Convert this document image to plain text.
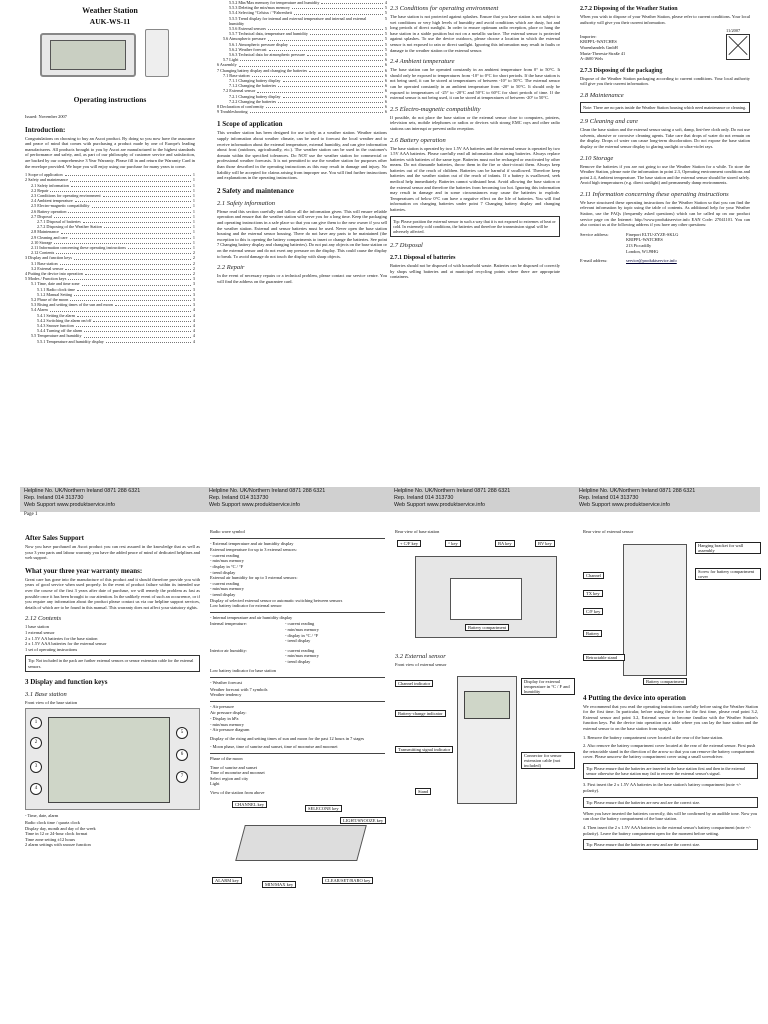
Weather Station
AUK-WS-11
Operating instructions
Issued: November 2007
Introduction:
Congratulations on choosing to buy an Ascot product. By doing so you now have the assurance and peace of mind that comes with purchasing a product made by one of Europe's leading manufacturers. All products brought to you by Ascot are manufactured to the highest standards of performance and safety, and, as part of our philosophy of customer service and satisfaction, are backed by our comprehensive 3 Year Warranty. Please fill in and return the Warranty Card in the envelope provided. We hope you will enjoy using our purchase for many years to come.
1 Scope of application	1
2 Safety and maintenance	1
2.1 Safety information	1
2.2 Repair	1
2.3 Conditions for operating environment	1
2.4 Ambient temperature	1
2.5 Electro-magnetic compatibility	1
2.6 Battery operation	1
2.7 Disposal	1
2.7.1 Disposal of batteries	1
2.7.2 Disposing of the Weather Station	1
2.8 Maintenance	1
2.9 Cleaning and care	1
2.10 Storage	1
2.11 Information concerning these operating instructions	1
2.12 Contents	2
3 Display and function keys	2
3.1 Base station	2
3.2 External sensor	2
4 Putting the device into operation	2
5 Modes / Function keys	3
5.1 Time, date and time zone	3
5.1.1 Radio clock time	3
5.1.2 Manual Setting	3
5.2 Phase of the moon	3
5.3 Rising and setting times of the sun and moon	3
5.4 Alarm	4
5.4.1 Setting the alarm	4
5.4.2 Switching the alarm on/off	4
5.4.3 Snooze function	4
5.4.4 Turning off the alarm	4
5.5 Temperature and humidity	4
5.5.1 Temperature and humidity display	4
5.5.2 Min/Max memory for temperature and humidity	4
5.5.3 Deleting the min/max memory	5
5.5.4 Selecting °Celsius / °Fahrenheit	5
5.5.5 Trend display for internal and external temperature and internal and external humidity
5
5.5.6 External sensors	5
5.5.7 Technical data, temperature and humidity	5
5.6 Atmospheric pressure	5
5.6.1 Atmospheric pressure display	5
5.6.2 Weather forecast	5
5.6.3 Technical data for atmospheric pressure	5
5.7 Light	6
6 Assembly	6
7 Changing battery display and changing the batteries	6
7.1 Base station	6
7.1.1 Changing battery display	6
7.1.2 Changing the batteries	6
7.2 External sensor	6
7.2.1 Changing battery display	6
7.2.2 Changing the batteries	6
8 Declaration of conformity	6
9 Troubleshooting	6
1 Scope of application
This weather station has been designed for use solely as a weather station. Weather stations supply information about weather climate, can be used to forecast the local weather and to receive information about the external temperature, external humidity, and can give information about frost (outdoors, agriculturally, etc.). The weather station can be used in the customer's domain within the specified tolerances. Do NOT use the weather station for commercial or professional weather forecasts. It is not permitted to use the weather station for purposes other than those described in the operating instructions as this may result in damage and injury. No liability will be accepted for claims arising from improper use. You will find further instructions and explanations in the operating instructions.
2 Safety and maintenance
2.1 Safety information
Please read this section carefully and follow all the information given. This will ensure reliable operation and ensure that the weather station will serve you for a long time. Keep the packaging and operating instructions in a safe place so that you can give them to the new owner if you sell the weather station. External and sensor batteries must be used. Never open the base station housing and the external sensor housing. There do not have any parts to be maintained (the exception to this is opening the battery compartments to insert or change the batteries. See point 7 Changing battery display and changing batteries). Do not put any objects on the base station or on the external sensor and do not exert any pressure on the display. This could cause the display to break. To avoid damage do not touch the display with sharp objects.
2.2 Repair
In the event of necessary repairs or a technical problem, please contact our service centre. You will find the address on the guarantee card.
2.3 Conditions for operating environment
The base station is not protected against splashes. Ensure that you have station is not subject to wet conditions or very high levels of humidity and avoid conditions which are dusty, hot and long periods of direct sunlight. In order to ensure optimum radio reception, place or hang the base station in a stable position but not on a metallic surface. The external sensor is protected against splashes. To use the device outdoors, please choose a location in which the external sensor is not exposed to rain or direct sunlight. Ignoring this information may result in faults or damage to the weather station or the external sensor.
2.4 Ambient temperature
The base station can be operated constantly in an ambient temperature from 0° to 50°C. It should only be exposed to temperatures from -10° to 0°C for short periods. If the base station is not being used, it can be stored at temperatures of between -10° to 50°C. The external sensor can be operated constantly in an ambient temperature from -20° to 50°C. It should only be exposed to temperatures of -25° to -20°C and 50°C to 60°C for short periods of time. If the external sensor is not being used, it can be stored at temperatures of between -20° to 50°C.
2.5 Electro-magnetic compatibility
If possible, do not place the base station or the external sensor close to computers, printers, television sets, mobile telephones or radios or devices with strong EMC rays and other radio stations can interrupt or prevent radio reception.
2.6 Battery operation
The base station is operated by two 1.5V AA batteries and the external sensor is operated by two 1.5V AAA batteries. Please carefully read all information about using batteries. Always replace batteries with batteries of the same type. Batteries must not be recharged or reactivated by other means. Do not dismantle batteries, throw them in the fire or short-circuit them. Always keep batteries out of the reach of children. Batteries can be harmful if swallowed. Therefore keep batteries and the weather station out of the reach of infants. If a battery is swallowed, seek medical help immediately. Batteries cannot withstand heat. Avoid allowing the base station or the external sensor and therefore the batteries from becoming too hot. Ignoring this information may result in damage and in some circumstances may cause the batteries to explode. Temperatures of below 0°C can have a negative effect on the life of batteries. You will find information on changing batteries under point 7 Changing battery display and changing batteries.
Tip: Please position the external sensor in such a way that it is not exposed to extremes of heat or cold. In extremely cold conditions, the batteries and therefore the transmission signal will be adversely affected.
2.7 Disposal
2.7.1 Disposal of batteries
Batteries should not be disposed of with household waste. Batteries can be disposed of correctly by shops selling batteries and at municipal recycling points where there are appropriate containers.
2.7.2 Disposing of the Weather Station
When you wish to dispose of your Weather Station, please refer to current conditions. Your local authority will give you their current information.

Importer:
KRIPPL-WATCHES
Warenhandels GmbH
Maria-Theresia-Straße 41
A-4600 Wels

11/2007
2.7.3 Disposing of the packaging
Dispose of the Weather Station packaging according to current conditions. Your local authority will give you their current information.
2.8 Maintenance
Note: There are no parts inside the Weather Station housing which need maintenance or cleaning.
2.9 Cleaning and care
Clean the base station and the external sensor using a soft, damp, lint-free cloth only. Do not use solvents, abrasive or corrosive cleaning agents. Take care that drops of water do not remain on the display. Drops of water can cause long-term discoloration. Do not expose the base station display or the external sensor display to glaring sunlight or ultra-violet rays.
2.10 Storage
Remove the batteries if you are not going to use the Weather Station for a while. To store the Weather Station, please note the information in point 2.3, Operating environment conditions and point 2.4, Ambient temperature. The base station and the external sensor should be stored safely. Avoid high temperatures (e.g. direct sunlight) and permanently damp environments.
2.11 Information concerning these operating instructions
We have structured these operating instructions for the Weather Station so that you can find the relevant information by topic using the table of contents. As additional help for your Weather Station, use the FAQs (frequently asked questions) which can be called up on our product service page on the Internet: http://www.produktservice.info EAN Code: 27041101. You can also contact us at the following address if you have any other questions:
Service address:	Fineport ELTU-ZYZE-SKLG
KRIPPL-WATCHES
213 Piccadilly
London, W1J9HG
E-mail address:	service@produktservice.info
Helpline No. UK/Northern Ireland 0871 288 6321
Rep. Ireland 014 313730
Web Support www.produktservice.info
Helpline No. UK/Northern Ireland 0871 288 6321
Rep. Ireland 014 313730
Web Support www.produktservice.info
Helpline No. UK/Northern Ireland 0871 288 6321
Rep. Ireland 014 313730
Web Support www.produktservice.info
Helpline No. UK/Northern Ireland 0871 288 6321
Rep. Ireland 014 313730
Web Support www.produktservice.info
Page 1
After Sales Support
Now you have purchased an Ascot product you can rest assured in the knowledge that as well as your 3 year parts and labour warranty you have the added peace of mind of dedicated helplines and web support.
What your three year warranty means:
Great care has gone into the manufacture of this product and it should therefore provide you with years of good service when used properly. In the event of product failure within its intended use over the course of the first 3 years after date of purchase, we will remedy the problem as fast as possible once it has been brought to our attention. In the unlikely event of such an occurrence, or if you require any information about the product please contact us via our helpline support services, details of which are to be found in this manual. This warranty does not affect your statutory rights.
2.12 Contents
1 base station
1 external sensor
2 x 1.5V AA batteries for the base station
2 x 1.5V AAA batteries for the external sensor
1 set of operating instructions
Tip: Not included in the pack are further external sensors or sensor extension cable for the external sensors.
3 Display and function keys
3.1 Base station
Front view of the base station
1
2
3
4
5
6
7
- Time, date, alarm
Radio clock time / quartz clock
Display day, month and day of the week
Time in 12 or 24-hour clock format
Time zone setting ±12 hours
2 alarm settings with snooze function
Radio wave symbol
- External temperature and air humidity display
External temperature for up to 3 external sensors:
- current reading
- min/max memory
- display in °C / °F
- trend display
External air humidity for up to 3 external sensors:
- current reading
- min/max memory
- trend display
Display of selected external sensor or automatic switching between sensors
Low battery indicator for external sensor
- Internal temperature and air humidity display
Internal temperature:	- current reading
- min/max memory
- display in °C / °F
- trend display
Interior air humidity:	- current reading
- min/max memory
- trend display
Low battery indicator for base station
- Weather forecast
Weather forecast with 7 symbols
Weather tendency
- Air pressure
Air pressure display:
- Display in hPa
- min/max memory
- Air pressure diagram
Display of the rising and setting times of sun and moon for the past 12 hours in 7 stages
- Moon phase, time of sunrise and sunset, time of moonrise and moonset
Phase of the moon
Time of sunrise and sunset
Time of moonrise and moonset
Select region and city
Light
View of the station from above
CHANNEL key
SELECONE key
LIGHT/SNOOZE key
ALARM key
MIN/MAX key
CLEAR/SET/BARO key
Rear view of base station
+ C/F key	^ key	BA key	BV key
Battery compartment
3.2 External sensor
Front view of external sensor
Channel indicator
Battery-change indicator
Transmitting signal indicator
Display for external temperature in °C / F and humidity
Connector for sensor extension cable (not included)
Stand
Rear view of external sensor
Hanging bracket for wall assembly
Screw for battery compartment cover
Channel
TX key
C/F key
Battery
Retractable stand
Battery compartment
4 Putting the device into operation
We recommend that you read the operating instructions carefully before using the Weather Station for the first time. In particular, before using the device for the first time, please read point 3.2, External sensor and point 3.2, External sensor to become familiar with the Weather Station's function keys. Put the device into operation on a table where you can lay the base station and the external sensor to on the base station from upright.
1. Remove the battery compartment cover located at the rear of the base station.
2. Also remove the battery compartment cover located at the rear of the external sensor. First push the retractable stand in the direction of the arrow so that you can remove the battery compartment cover. Please unscrew the battery compartment cover using a small screwdriver.
Tip: Please ensure that the batteries are inserted in the base station first and then in the external sensor otherwise the base station may fail to recover the external sensor's signal.
3. First insert the 2 x 1.5V AA batteries in the base station's battery compartment (note +/- polarity).
Tip: Please ensure that the batteries are new and are the correct size.
When you have inserted the batteries correctly, this will be confirmed by an audible tone. Now you can close the battery compartment of the base station.
4. Then insert the 2 x 1.5V AAA batteries in the external sensor's battery compartment (note +/- polarity). Leave the battery compartment open for the moment before setting.
Tip: Please ensure that the batteries are new and are the correct size.
